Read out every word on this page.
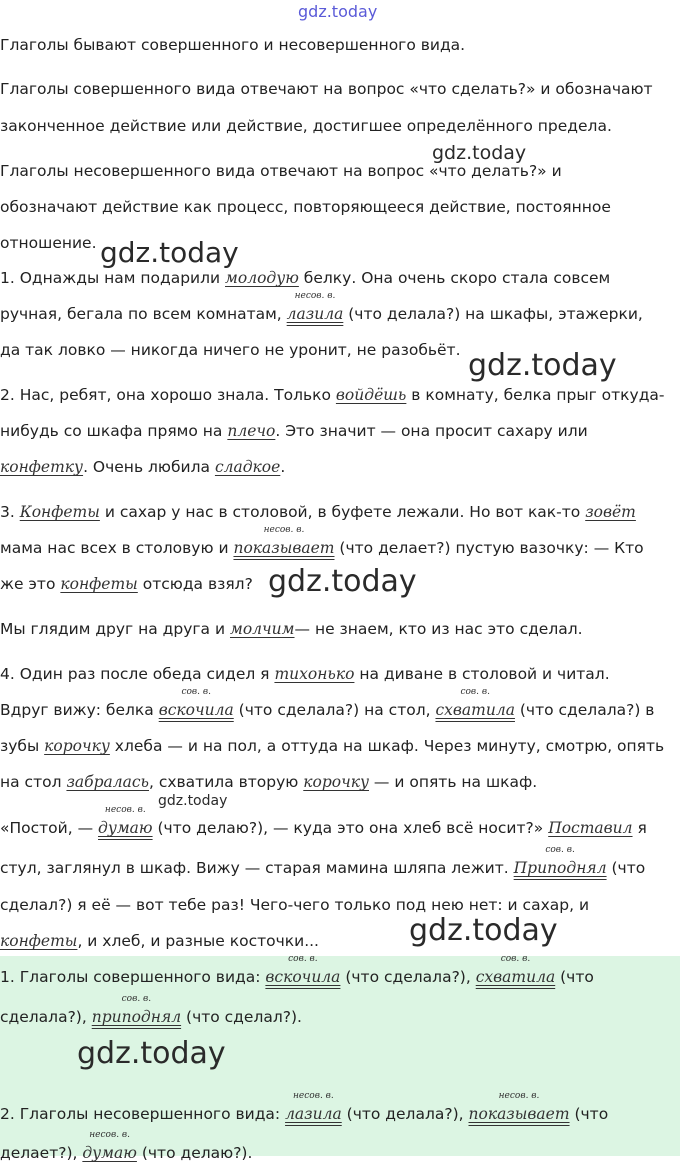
gdz.today
Глаголы бывают совершенного и несовершенного вида.
Глаголы совершенного вида отвечают на вопрос «что сделать?» и обозначают
законченное действие или действие, достигшее определённого предела.
Глаголы несовершенного вида отвечают на вопрос «что делать?» и
обозначают действие как процесс, повторяющееся действие, постоянное
отношение.
1. Однажды нам подарили молодую белку. Она очень скоро стала совсем
ручная, бегала по всем комнатам,
несов. в.
лазила (что делала?) на шкафы, этажерки,
да так ловко — никогда ничего не уронит, не разобьёт.
2. Нас, ребят, она хорошо знала. Только войдёшь в комнату, белка прыг откуда-
нибудь со шкафа прямо на плечо. Это значит — она просит сахару или
конфетку. Очень любила сладкое.
3. Конфеты и сахар у нас в столовой, в буфете лежали. Но вот как-то зовёт
мама нас всех в столовую и
несов. в.
показывает (что делает?) пустую вазочку: — Кто
же это конфеты отсюда взял?
Мы глядим друг на друга и молчим— не знаем, кто из нас это сделал.
4. Один раз после обеда сидел я тихонько на диване в столовой и читал.
Вдруг вижу: белка
сов. в.
вскочила (что сделала?) на стол,
сов. в.
схватила (что сделала?) в
зубы корочку хлеба — и на пол, а оттуда на шкаф. Через минуту, смотрю, опять
на стол забралась, схватила вторую корочку — и опять на шкаф.
«Постой, —
несов. в.
думаю (что делаю?), — куда это она хлеб всё носит?» Поставил я
стул, заглянул в шкаф. Вижу — старая мамина шляпа лежит.
сов. в.
Приподнял (что
сделал?) я её — вот тебе раз! Чего-чего только под нею нет: и сахар, и
конфеты, и хлеб, и разные косточки...
1. Глаголы совершенного вида:
сов. в.
вскочила (что сделала?),
сов. в.
схватила (что
сделала?),
сов. в.
приподнял (что сделал?).
2. Глаголы несовершенного вида:
несов. в.
лазила (что делала?),
несов. в.
показывает (что
делает?),
несов. в.
думаю (что делаю?).
gdz.today
gdz.today
gdz.today
gdz.today
gdz.today
gdz.today
gdz.today
